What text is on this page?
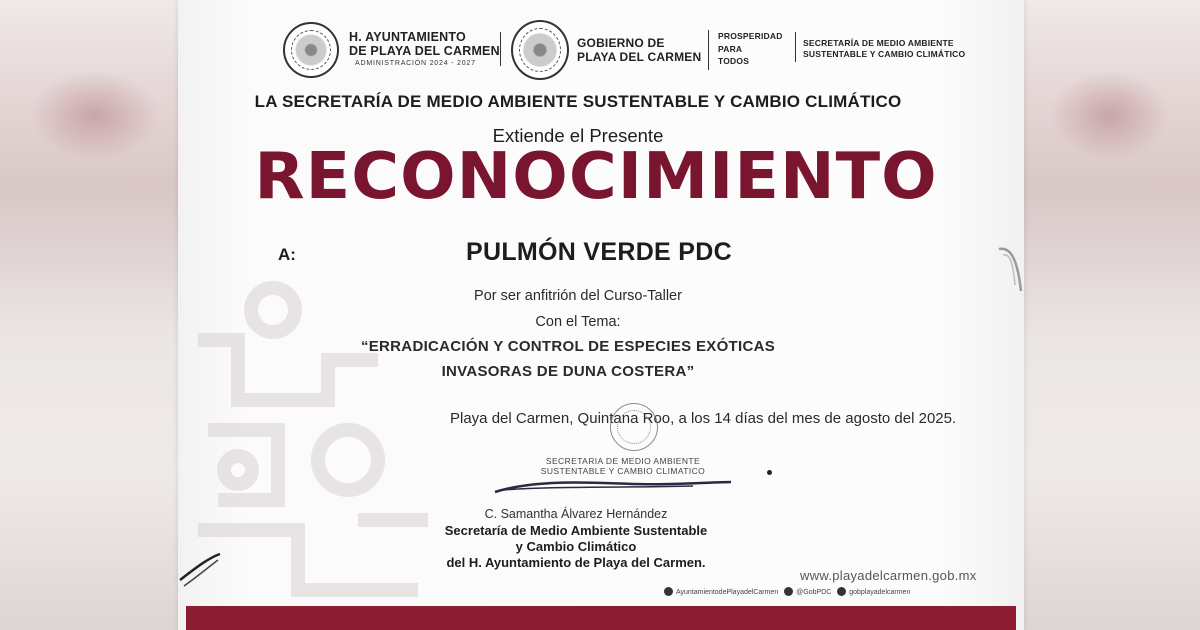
H. AYUNTAMIENTO
DE PLAYA DEL CARMEN
ADMINISTRACIÓN 2024 - 2027
GOBIERNO DE
PLAYA DEL CARMEN
PROSPERIDAD
PARA
TODOS
SECRETARÍA DE MEDIO AMBIENTE
SUSTENTABLE Y CAMBIO CLIMÁTICO
LA SECRETARÍA DE MEDIO AMBIENTE SUSTENTABLE Y CAMBIO CLIMÁTICO
Extiende el Presente
RECONOCIMIENTO
A:	PULMÓN VERDE PDC
Por ser anfitrión del Curso-Taller
Con el Tema:
“ERRADICACIÓN Y CONTROL DE ESPECIES EXÓTICAS
INVASORAS DE DUNA COSTERA”
Playa del Carmen, Quintana Roo, a los 14 días del mes de agosto del 2025.
SECRETARIA DE MEDIO AMBIENTE
SUSTENTABLE Y CAMBIO CLIMATICO
C. Samantha Álvarez Hernández
Secretaría de Medio Ambiente Sustentable
y Cambio Climático
del H. Ayuntamiento de Playa del Carmen.
www.playadelcarmen.gob.mx
AyuntamientodePlayadelCarmen	@GobPDC	gobplayadelcarmen
